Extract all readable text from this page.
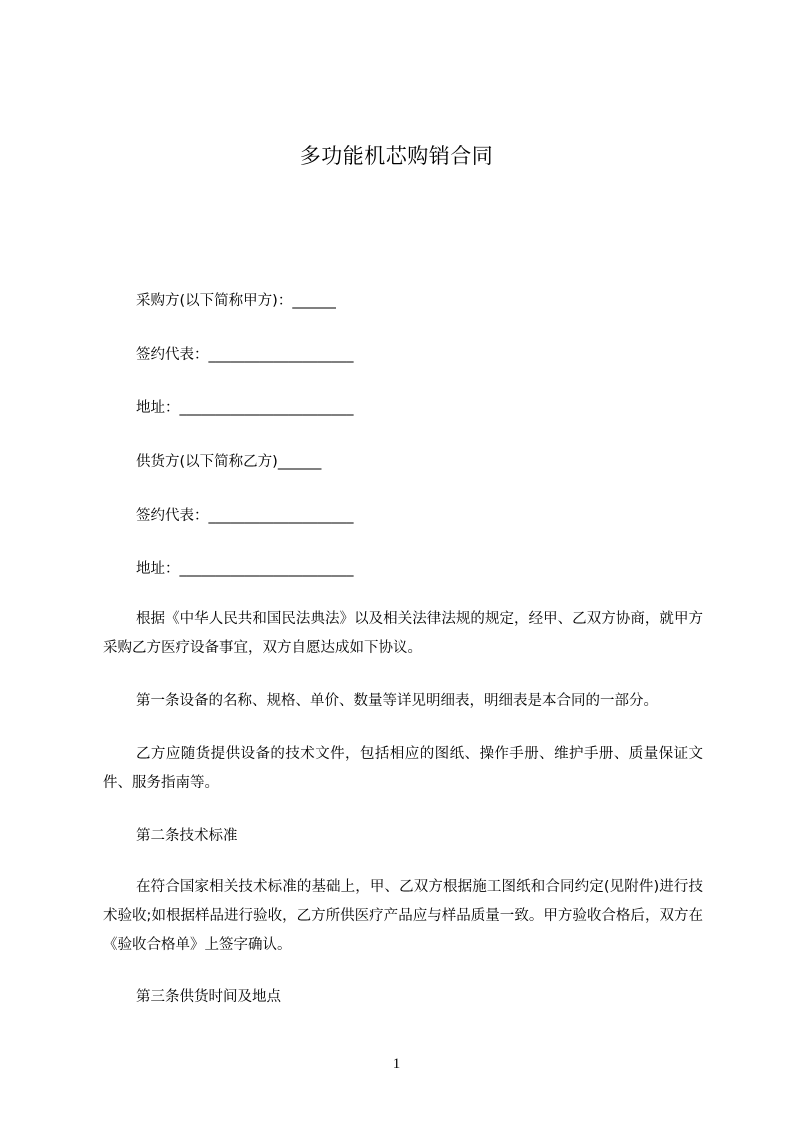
多功能机芯购销合同
采购方(以下简称甲方)：______
签约代表：____________________
地址：________________________
供货方(以下简称乙方)______
签约代表：____________________
地址：________________________
根据《中华人民共和国民法典法》以及相关法律法规的规定，经甲、乙双方协商，就甲方采购乙方医疗设备事宜，双方自愿达成如下协议。
第一条设备的名称、规格、单价、数量等详见明细表，明细表是本合同的一部分。
乙方应随货提供设备的技术文件，包括相应的图纸、操作手册、维护手册、质量保证文件、服务指南等。
第二条技术标准
在符合国家相关技术标准的基础上，甲、乙双方根据施工图纸和合同约定(见附件)进行技术验收;如根据样品进行验收，乙方所供医疗产品应与样品质量一致。甲方验收合格后，双方在《验收合格单》上签字确认。
第三条供货时间及地点
1
